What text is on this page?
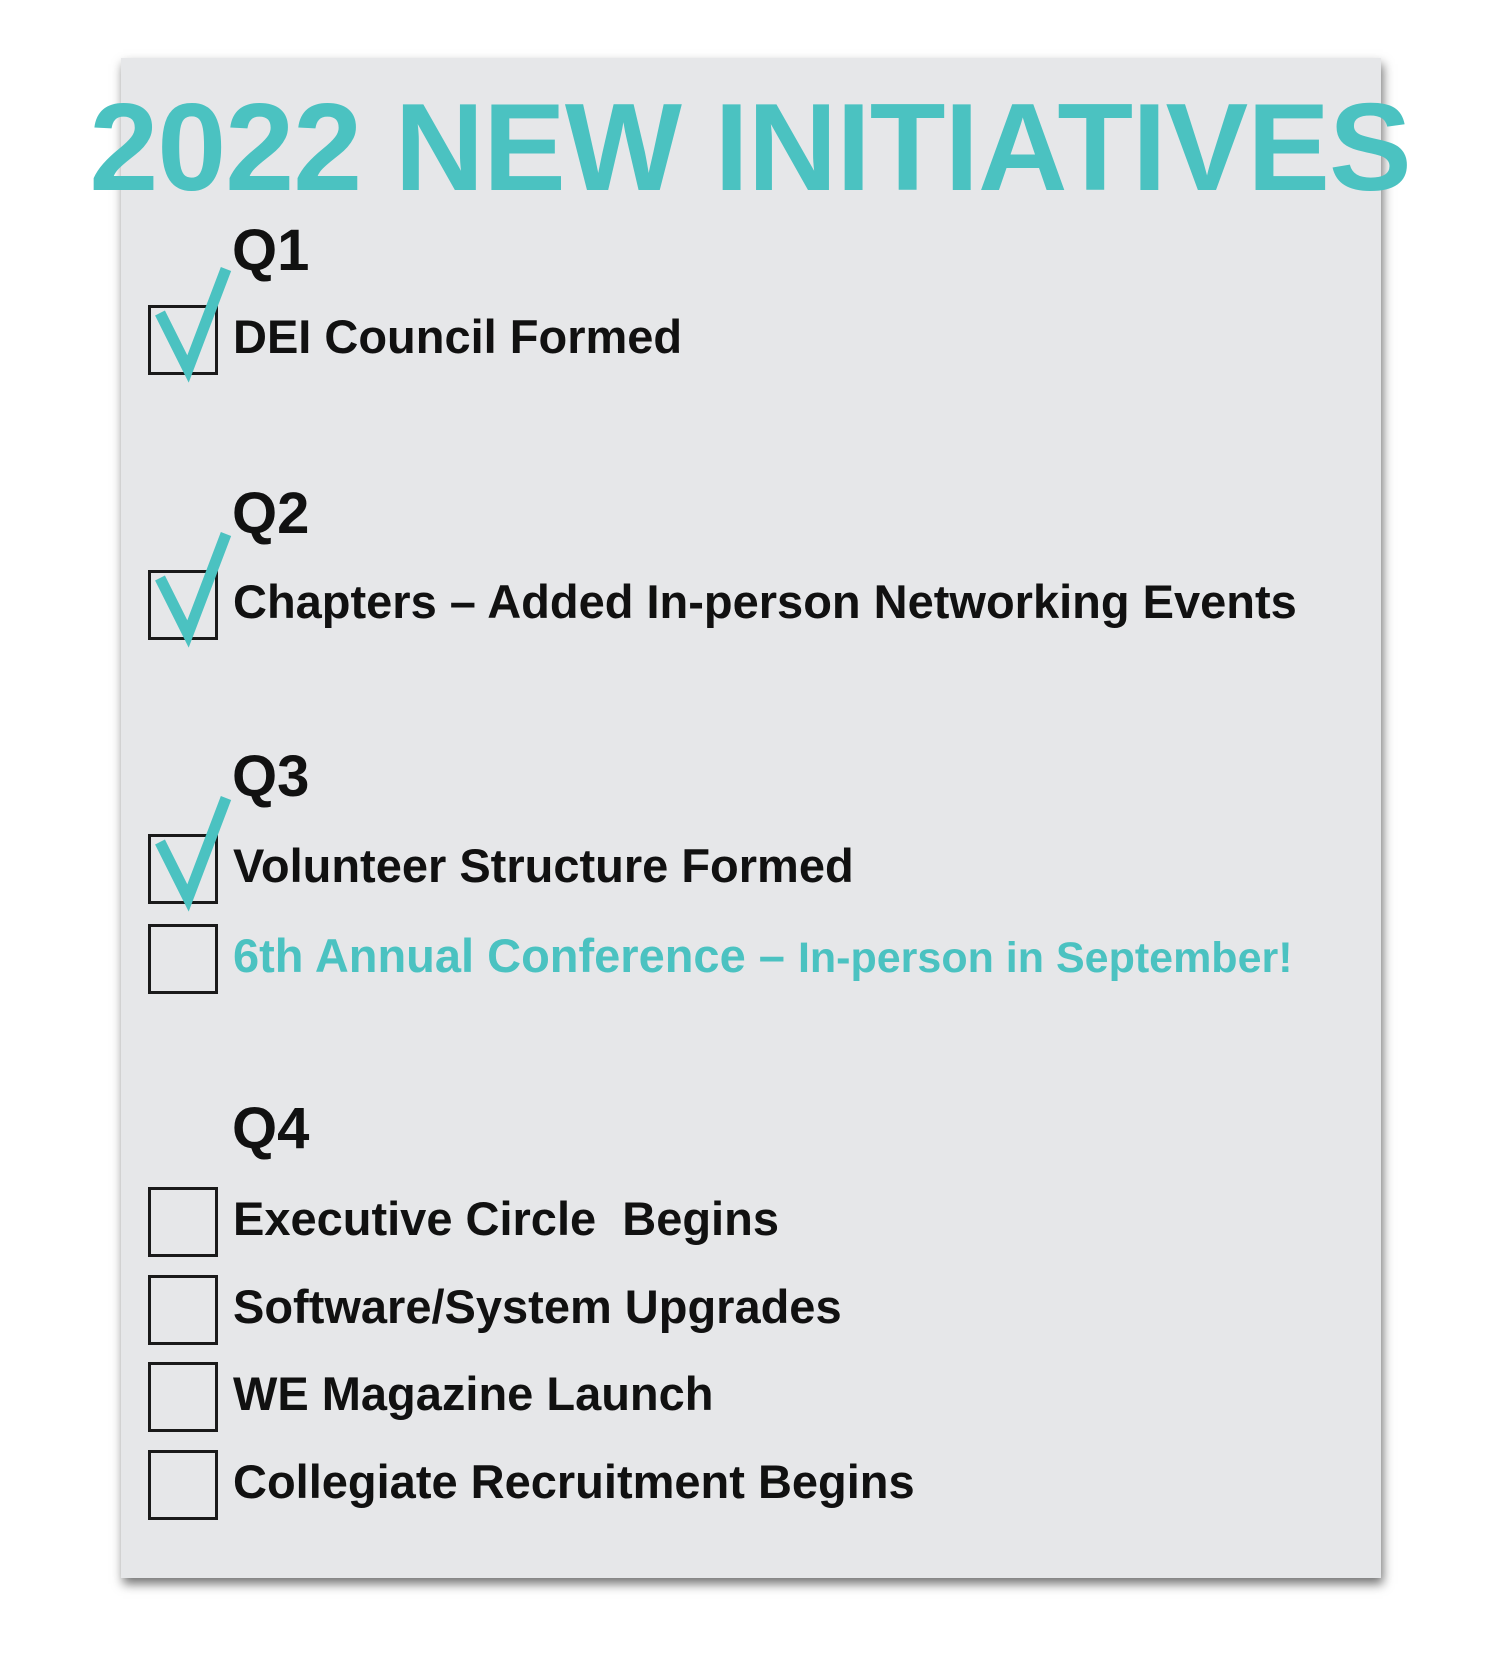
2022 NEW INITIATIVES
Q1
DEI Council Formed
Q2
Chapters – Added In-person Networking Events
Q3
Volunteer Structure Formed
6th Annual Conference – In-person in September!
Q4
Executive Circle  Begins
Software/System Upgrades
WE Magazine Launch
Collegiate Recruitment Begins
